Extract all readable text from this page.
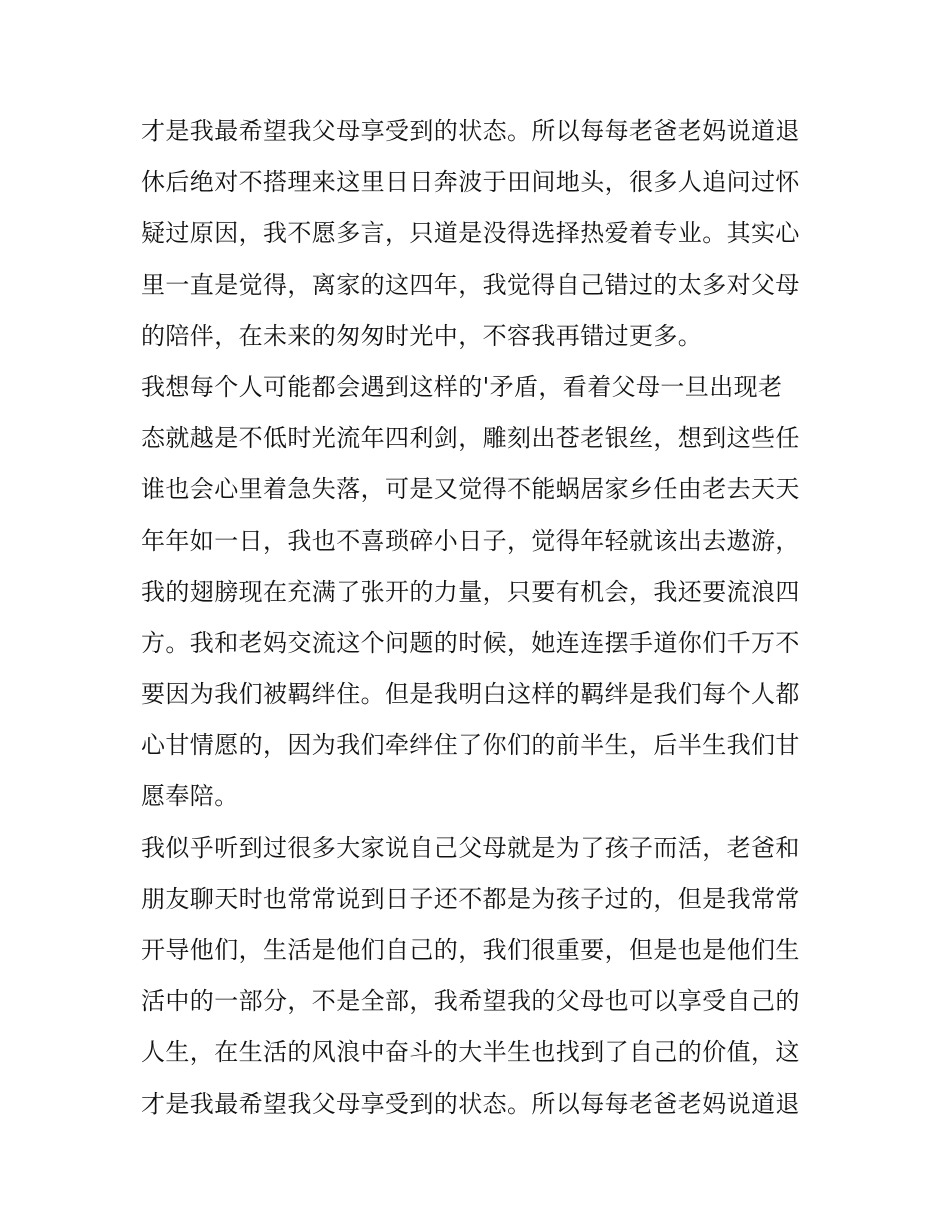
才是我最希望我父母享受到的状态。所以每每老爸老妈说道退
休后绝对不搭理来这里日日奔波于田间地头，很多人追问过怀
疑过原因，我不愿多言，只道是没得选择热爱着专业。其实心
里一直是觉得，离家的这四年，我觉得自己错过的太多对父母
的陪伴，在未来的匆匆时光中，不容我再错过更多。
我想每个人可能都会遇到这样的'矛盾，看着父母一旦出现老
态就越是不低时光流年四利剑，雕刻出苍老银丝，想到这些任
谁也会心里着急失落，可是又觉得不能蜗居家乡任由老去天天
年年如一日，我也不喜琐碎小日子，觉得年轻就该出去遨游，
我的翅膀现在充满了张开的力量，只要有机会，我还要流浪四
方。我和老妈交流这个问题的时候，她连连摆手道你们千万不
要因为我们被羁绊住。但是我明白这样的羁绊是我们每个人都
心甘情愿的，因为我们牵绊住了你们的前半生，后半生我们甘
愿奉陪。
我似乎听到过很多大家说自己父母就是为了孩子而活，老爸和
朋友聊天时也常常说到日子还不都是为孩子过的，但是我常常
开导他们，生活是他们自己的，我们很重要，但是也是他们生
活中的一部分，不是全部，我希望我的父母也可以享受自己的
人生，在生活的风浪中奋斗的大半生也找到了自己的价值，这
才是我最希望我父母享受到的状态。所以每每老爸老妈说道退
